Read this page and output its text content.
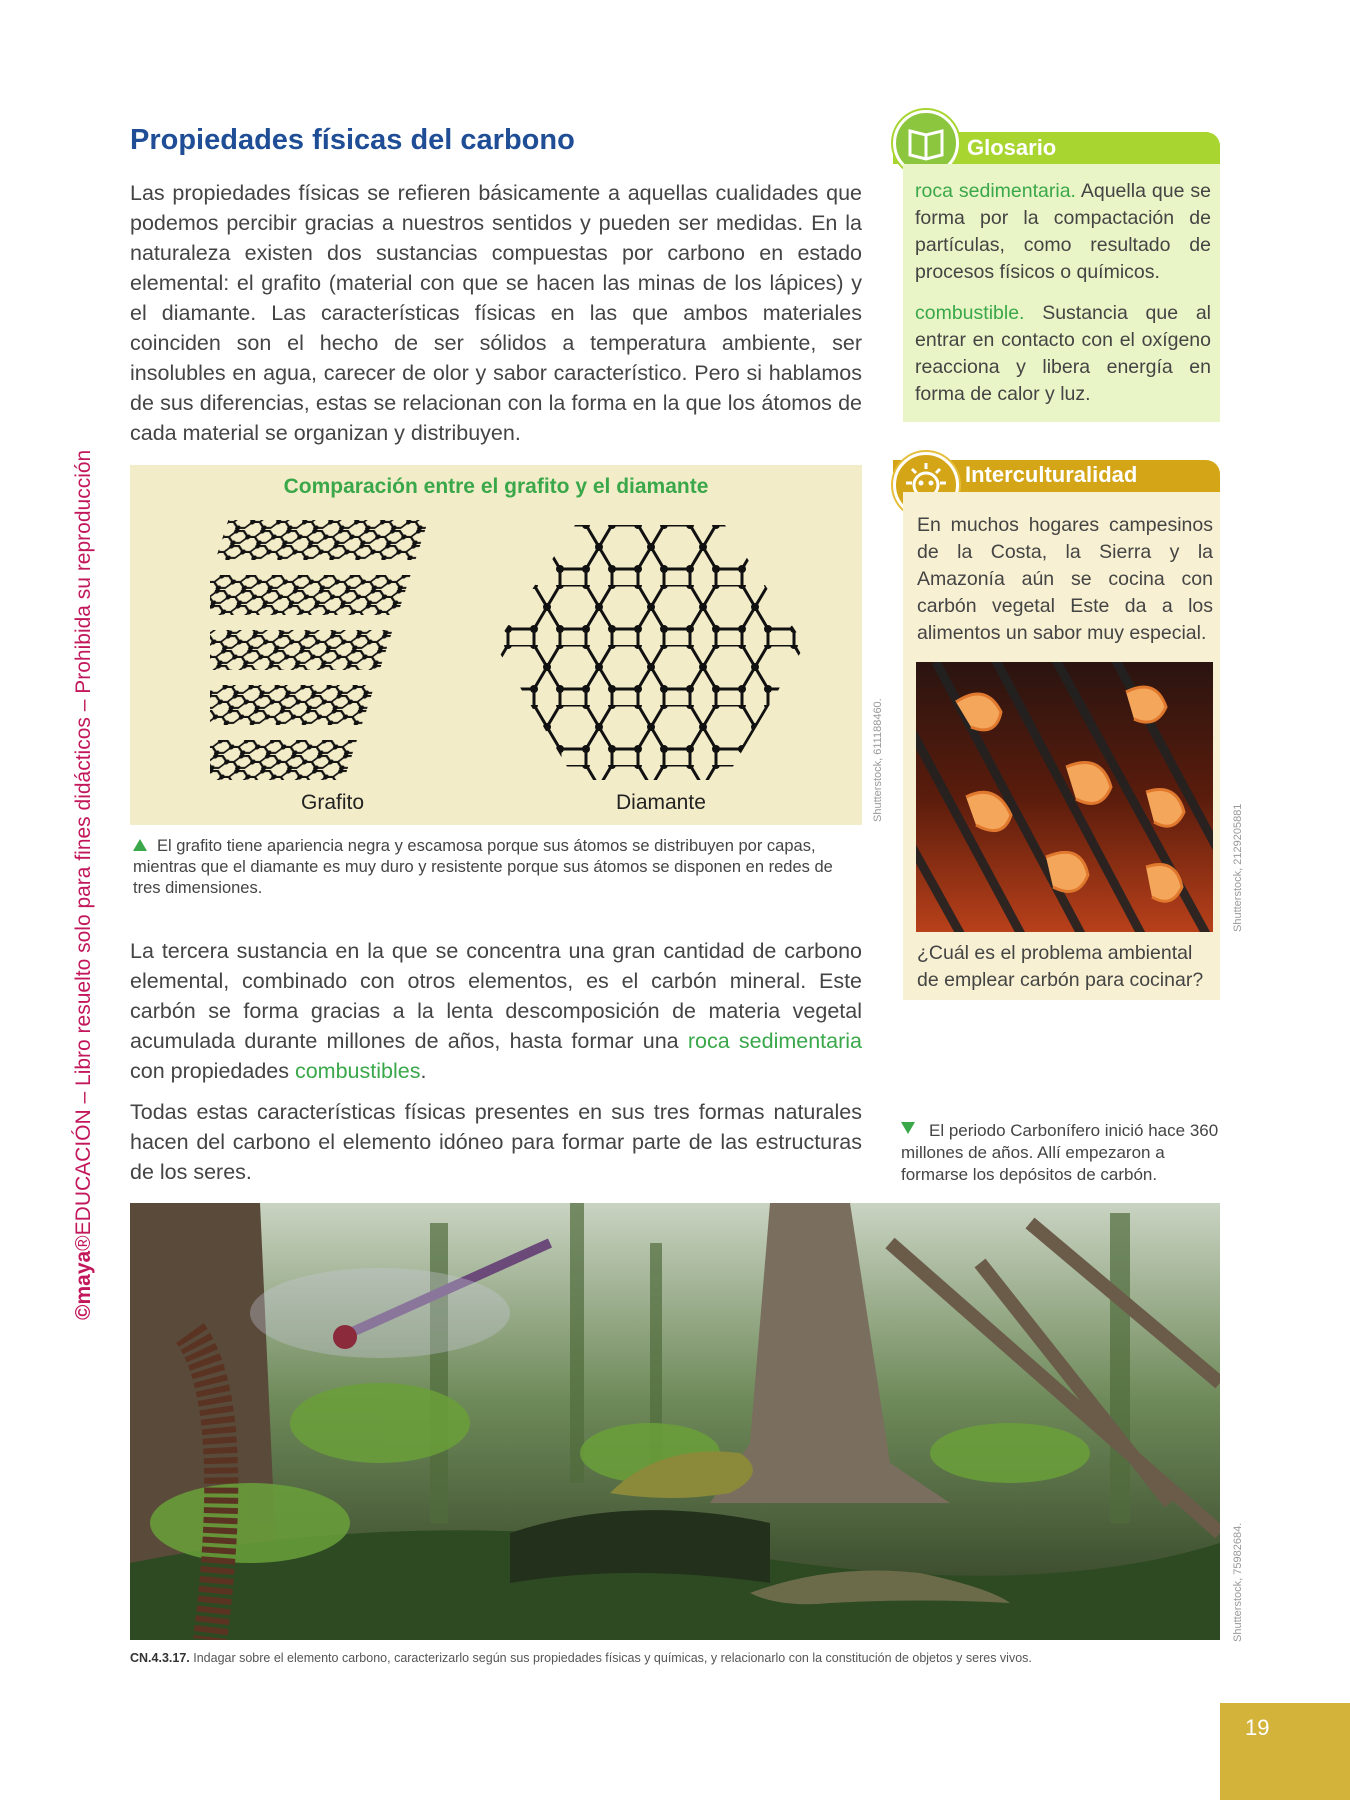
©maya®EDUCACIÓN – Libro resuelto solo para fines didácticos – Prohibida su reproducción
Propiedades físicas del carbono

Las propiedades físicas se refieren básicamente a aquellas cualidades que podemos percibir gracias a nuestros sentidos y pueden ser medidas. En la naturaleza existen dos sustancias compuestas por carbono en estado elemental: el grafito (material con que se hacen las minas de los lápices) y el diamante. Las características físicas en las que ambos materiales coinciden son el hecho de ser sólidos a temperatura ambiente, ser insolubles en agua, carecer de olor y sabor característico. Pero si hablamos de sus diferencias, estas se relacionan con la forma en la que los átomos de cada material se organizan y distribuyen.

Comparación entre el grafito y el diamante
Grafito	Diamante	Shutterstock, 611188460.
El grafito tiene apariencia negra y escamosa porque sus átomos se distribuyen por capas, mientras que el diamante es muy duro y resistente porque sus átomos se disponen en redes de tres dimensiones.

La tercera sustancia en la que se concentra una gran cantidad de carbono elemental, combinado con otros elementos, es el carbón mineral. Este carbón se forma gracias a la lenta descomposición de materia vegetal acumulada durante millones de años, hasta formar una roca sedimentaria con propiedades combustibles.

Todas estas características físicas presentes en sus tres formas naturales hacen del carbono el elemento idóneo para formar parte de las estructuras de los seres.

Glosario

roca sedimentaria. Aquella que se forma por la compactación de partículas, como resultado de procesos físicos o químicos.

combustible. Sustancia que al entrar en contacto con el oxígeno reacciona y libera energía en forma de calor y luz.

Interculturalidad

En muchos hogares campesinos de la Costa, la Sierra y la Amazonía aún se cocina con carbón vegetal Este da a los alimentos un sabor muy especial.

¿Cuál es el problema ambiental de emplear carbón para cocinar?

Shutterstock, 2129205881
El periodo Carbonífero inició hace 360 millones de años. Allí empezaron a formarse los depósitos de carbón.
Shutterstock, 75982684.
CN.4.3.17. Indagar sobre el elemento carbono, caracterizarlo según sus propiedades físicas y químicas, y relacionarlo con la constitución de objetos y seres vivos.
19
